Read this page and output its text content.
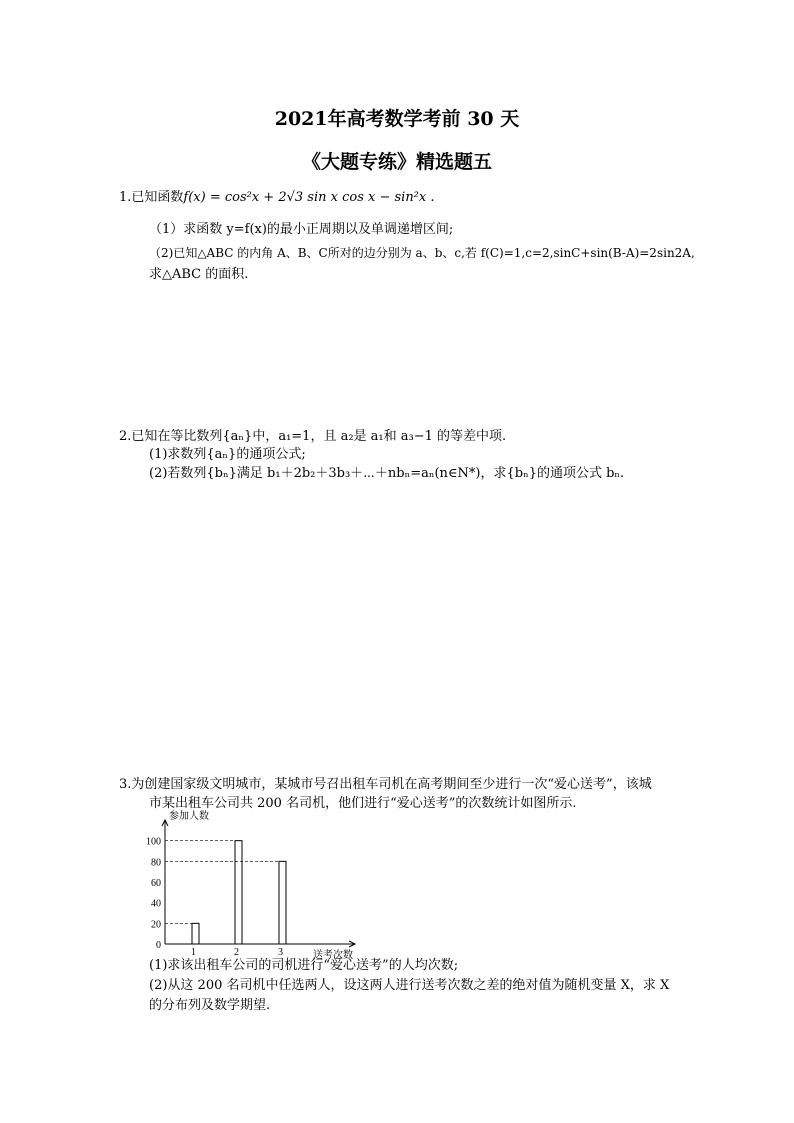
2021年高考数学考前 30 天
《大题专练》精选题五
1.已知函数f(x) = cos²x + 2√3 sin x cos x − sin²x .
（1）求函数 y=f(x)的最小正周期以及单调递增区间;
（2)已知△ABC 的内角 A、B、C所对的边分别为 a、b、c,若 f(C)=1,c=2,sinC+sin(B-A)=2sin2A,
求△ABC 的面积.
2.已知在等比数列{aₙ}中，a₁=1，且 a₂是 a₁和 a₃−1 的等差中项.
(1)求数列{aₙ}的通项公式;
(2)若数列{bₙ}满足 b₁＋2b₂＋3b₃＋⋯＋nbₙ=aₙ(n∈N*)，求{bₙ}的通项公式 bₙ.
3.为创建国家级文明城市，某城市号召出租车司机在高考期间至少进行一次“爱心送考”，该城
市某出租车公司共 200 名司机，他们进行“爱心送考”的次数统计如图所示.
参加人数
送考次数
0
20
40
60
80
100
1	2	3
(1)求该出租车公司的司机进行“爱心送考”的人均次数;
(2)从这 200 名司机中任选两人，设这两人进行送考次数之差的绝对值为随机变量 X，求 X
的分布列及数学期望.
